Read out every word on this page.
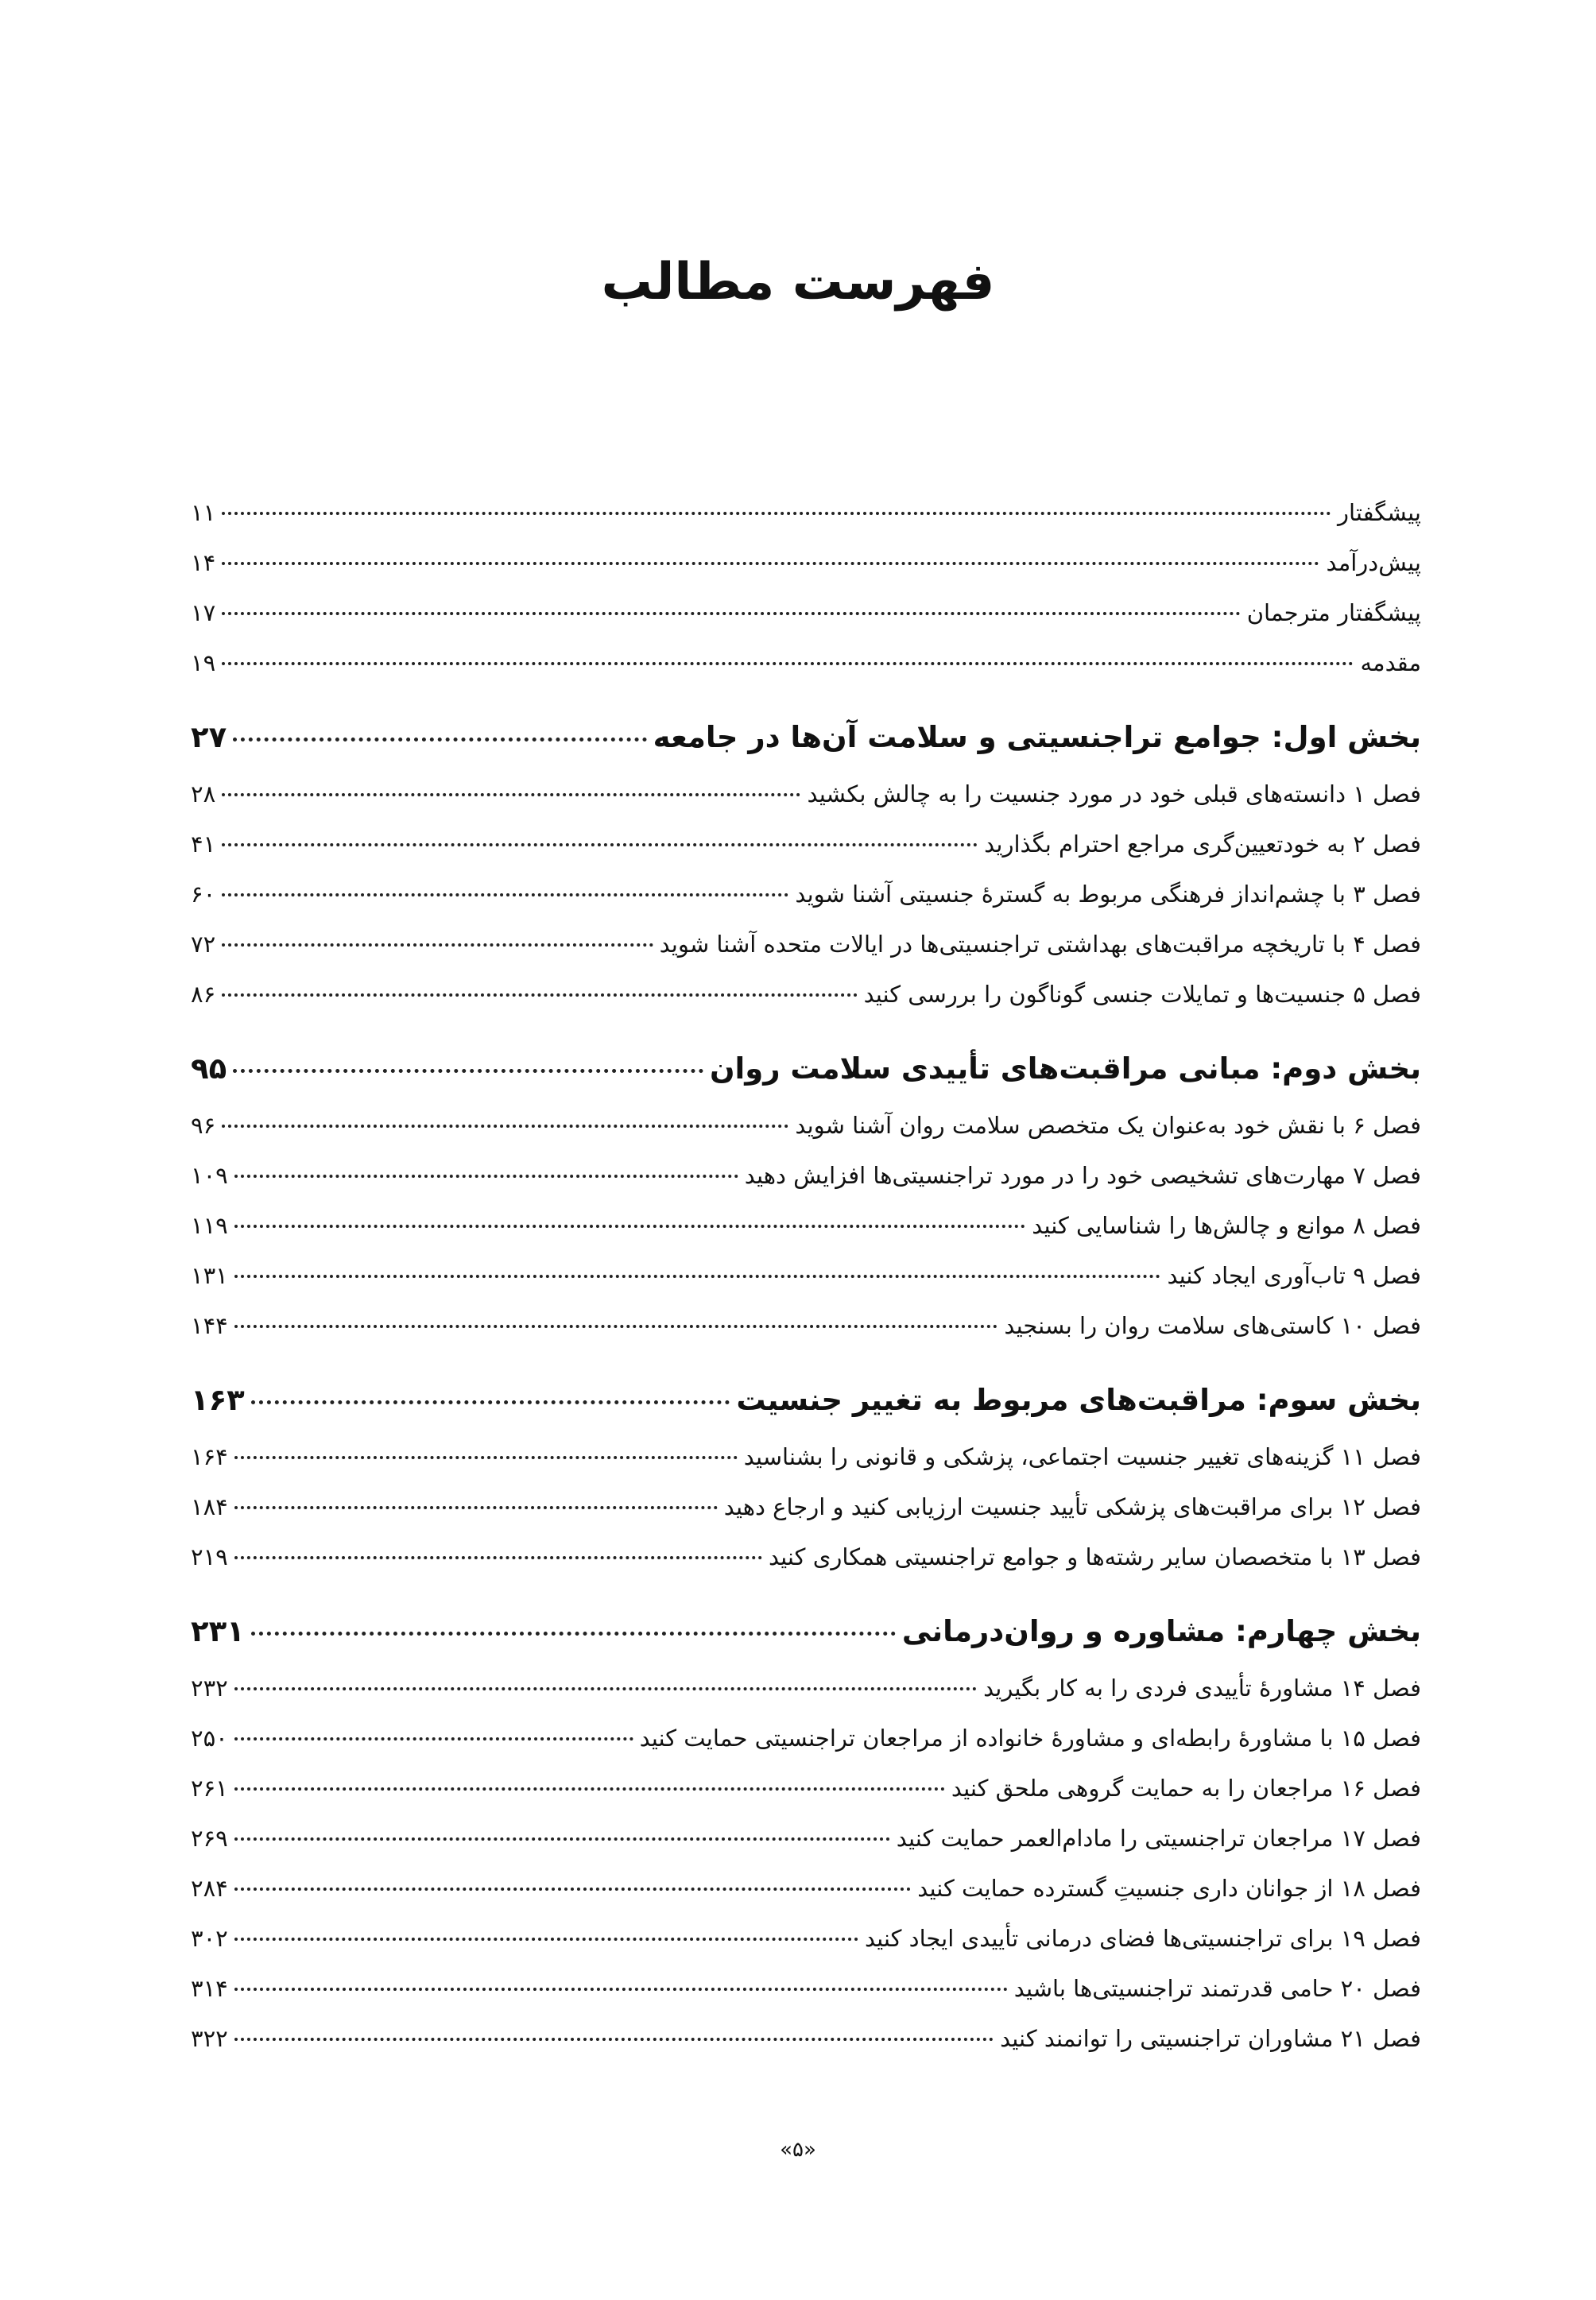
فهرست مطالب
پیشگفتار
۱۱
پیش‌درآمد
۱۴
پیشگفتار مترجمان
۱۷
مقدمه
۱۹
بخش اول: جوامع تراجنسیتی و سلامت آن‌ها در جامعه
۲۷
فصل ۱ دانسته‌های قبلی خود در مورد جنسیت را به چالش بکشید
۲۸
فصل ۲ به خودتعیین‌گری مراجع احترام بگذارید
۴۱
فصل ۳ با چشم‌انداز فرهنگی مربوط به گسترهٔ جنسیتی آشنا شوید
۶۰
فصل ۴ با تاریخچه مراقبت‌های بهداشتی تراجنسیتی‌ها در ایالات متحده آشنا شوید
۷۲
فصل ۵ جنسیت‌ها و تمایلات جنسی گوناگون را بررسی کنید
۸۶
بخش دوم: مبانی مراقبت‌های تأییدی سلامت روان
۹۵
فصل ۶ با نقش خود به‌عنوان یک متخصص سلامت روان آشنا شوید
۹۶
فصل ۷ مهارت‌های تشخیصی خود را در مورد تراجنسیتی‌ها افزایش دهید
۱۰۹
فصل ۸ موانع و چالش‌ها را شناسایی کنید
۱۱۹
فصل ۹ تاب‌آوری ایجاد کنید
۱۳۱
فصل ۱۰ کاستی‌های سلامت روان را بسنجید
۱۴۴
بخش سوم: مراقبت‌های مربوط به تغییر جنسیت
۱۶۳
فصل ۱۱ گزینه‌های تغییر جنسیت اجتماعی، پزشکی و قانونی را بشناسید
۱۶۴
فصل ۱۲ برای مراقبت‌های پزشکی تأیید جنسیت ارزیابی کنید و ارجاع دهید
۱۸۴
فصل ۱۳ با متخصصان سایر رشته‌ها و جوامع تراجنسیتی همکاری کنید
۲۱۹
بخش چهارم: مشاوره و روان‌درمانی
۲۳۱
فصل ۱۴ مشاورهٔ تأییدی فردی را به کار بگیرید
۲۳۲
فصل ۱۵ با مشاورهٔ رابطه‌ای و مشاورهٔ خانواده از مراجعان تراجنسیتی حمایت کنید
۲۵۰
فصل ۱۶ مراجعان را به حمایت گروهی ملحق کنید
۲۶۱
فصل ۱۷ مراجعان تراجنسیتی را مادام‌العمر حمایت کنید
۲۶۹
فصل ۱۸ از جوانان داری جنسیتِ گسترده حمایت کنید
۲۸۴
فصل ۱۹ برای تراجنسیتی‌ها فضای درمانی تأییدی ایجاد کنید
۳۰۲
فصل ۲۰ حامی قدرتمند تراجنسیتی‌ها باشید
۳۱۴
فصل ۲۱ مشاوران تراجنسیتی را توانمند کنید
۳۲۲
«۵»
